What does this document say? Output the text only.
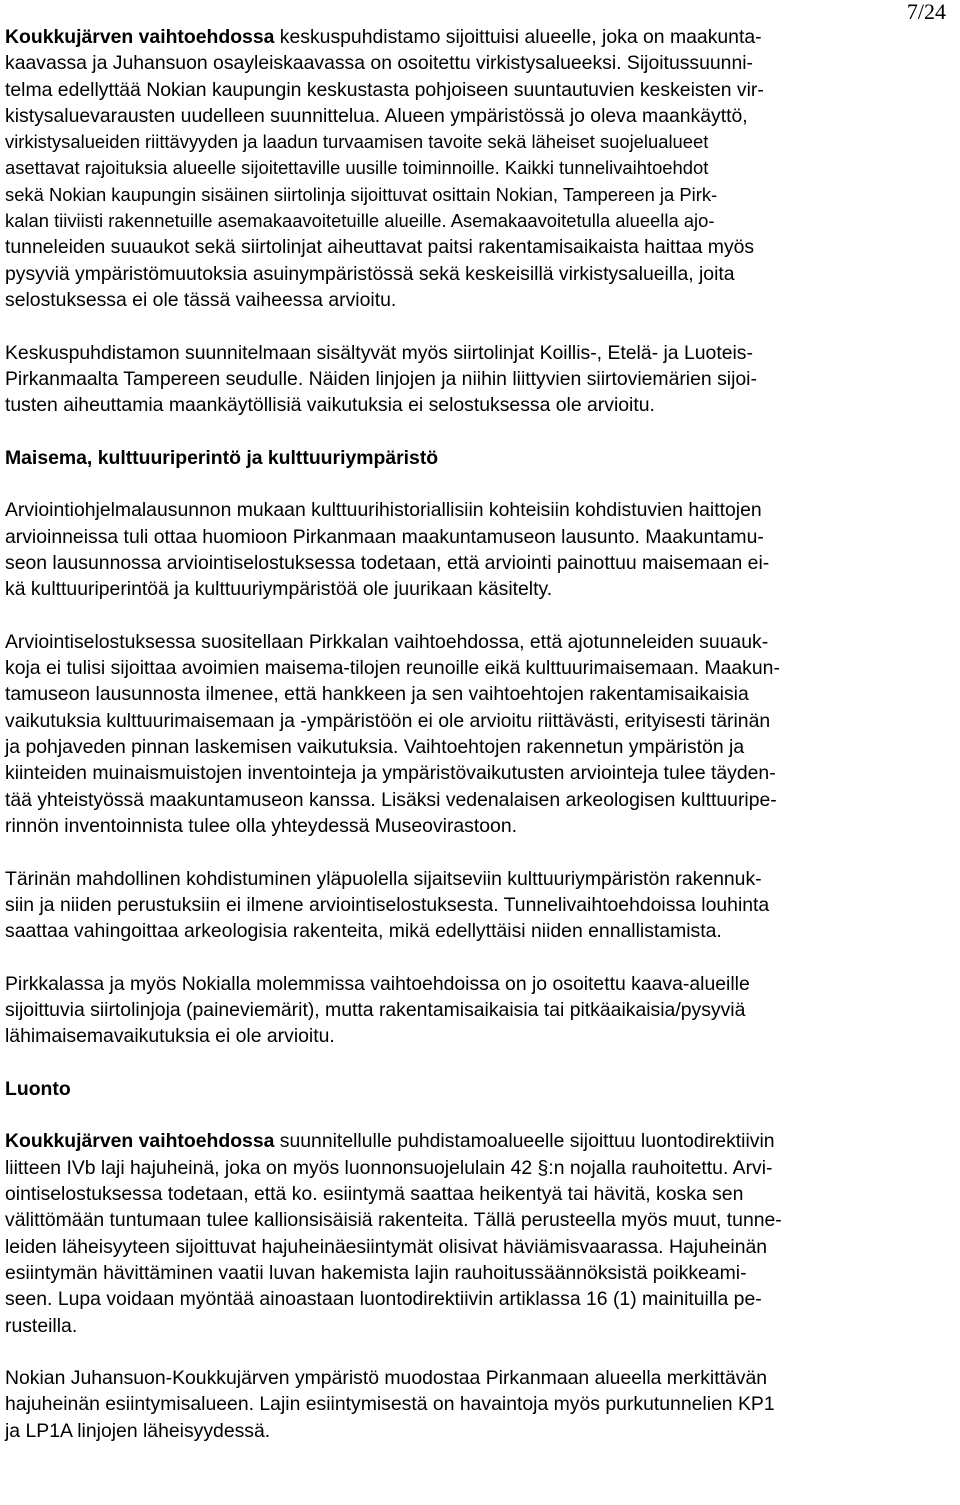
7/24
Koukkujärven vaihtoehdossa keskuspuhdistamo sijoittuisi alueelle, joka on maakunta-
kaavassa ja Juhansuon osayleiskaavassa on osoitettu virkistysalueeksi. Sijoitussuunni-
telma edellyttää Nokian kaupungin keskustasta pohjoiseen suuntautuvien keskeisten vir-
kistysaluevarausten uudelleen suunnittelua. Alueen ympäristössä jo oleva maankäyttö,
virkistysalueiden riittävyyden ja laadun turvaamisen tavoite sekä läheiset suojelualueet
asettavat rajoituksia alueelle sijoitettaville uusille toiminnoille. Kaikki tunnelivaihtoehdot
sekä Nokian kaupungin sisäinen siirtolinja sijoittuvat osittain Nokian, Tampereen ja Pirk-
kalan tiiviisti rakennetuille asemakaavoitetuille alueille. Asemakaavoitetulla alueella ajo-
tunneleiden suuaukot sekä siirtolinjat aiheuttavat paitsi rakentamisaikaista haittaa myös
pysyviä ympäristömuutoksia asuinympäristössä sekä keskeisillä virkistysalueilla, joita
selostuksessa ei ole tässä vaiheessa arvioitu.
Keskuspuhdistamon suunnitelmaan sisältyvät myös siirtolinjat Koillis-, Etelä- ja Luoteis-
Pirkanmaalta Tampereen seudulle. Näiden linjojen ja niihin liittyvien siirtoviemärien sijoi-
tusten aiheuttamia maankäytöllisiä vaikutuksia ei selostuksessa ole arvioitu.
Maisema, kulttuuriperintö ja kulttuuriympäristö
Arviointiohjelmalausunnon mukaan kulttuurihistoriallisiin kohteisiin kohdistuvien haittojen
arvioinneissa tuli ottaa huomioon Pirkanmaan maakuntamuseon lausunto. Maakuntamu-
seon lausunnossa arviointiselostuksessa todetaan, että arviointi painottuu maisemaan ei-
kä kulttuuriperintöä ja kulttuuriympäristöä ole juurikaan käsitelty.
Arviointiselostuksessa suositellaan Pirkkalan vaihtoehdossa, että ajotunneleiden suuauk-
koja ei tulisi sijoittaa avoimien maisema-tilojen reunoille eikä kulttuurimaisemaan. Maakun-
tamuseon lausunnosta ilmenee, että hankkeen ja sen vaihtoehtojen rakentamisaikaisia
vaikutuksia kulttuurimaisemaan ja -ympäristöön ei ole arvioitu riittävästi, erityisesti tärinän
ja pohjaveden pinnan laskemisen vaikutuksia. Vaihtoehtojen rakennetun ympäristön ja
kiinteiden muinaismuistojen inventointeja ja ympäristövaikutusten arviointeja tulee täyden-
tää yhteistyössä maakuntamuseon kanssa. Lisäksi vedenalaisen arkeologisen kulttuuripe-
rinnön inventoinnista tulee olla yhteydessä Museovirastoon.
Tärinän mahdollinen kohdistuminen yläpuolella sijaitseviin kulttuuriympäristön rakennuk-
siin ja niiden perustuksiin ei ilmene arviointiselostuksesta. Tunnelivaihtoehdoissa louhinta
saattaa vahingoittaa arkeologisia rakenteita, mikä edellyttäisi niiden ennallistamista.
Pirkkalassa ja myös Nokialla molemmissa vaihtoehdoissa on jo osoitettu kaava-alueille
sijoittuvia siirtolinjoja (paineviemärit), mutta rakentamisaikaisia tai pitkäaikaisia/pysyviä
lähimaisemavaikutuksia ei ole arvioitu.
Luonto
Koukkujärven vaihtoehdossa suunnitellulle puhdistamoalueelle sijoittuu luontodirektiivin
liitteen IVb laji hajuheinä, joka on myös luonnonsuojelulain 42 §:n nojalla rauhoitettu. Arvi-
ointiselostuksessa todetaan, että ko. esiintymä saattaa heikentyä tai hävitä, koska sen
välittömään tuntumaan tulee kallionsisäisiä rakenteita. Tällä perusteella myös muut, tunne-
leiden läheisyyteen sijoittuvat hajuheinäesiintymät olisivat häviämisvaarassa. Hajuheinän
esiintymän hävittäminen vaatii luvan hakemista lajin rauhoitussäännöksistä poikkeami-
seen. Lupa voidaan myöntää ainoastaan luontodirektiivin artiklassa 16 (1) mainituilla pe-
rusteilla.
Nokian Juhansuon-Koukkujärven ympäristö muodostaa Pirkanmaan alueella merkittävän
hajuheinän esiintymisalueen. Lajin esiintymisestä on havaintoja myös purkutunnelien KP1
ja LP1A linjojen läheisyydessä.
